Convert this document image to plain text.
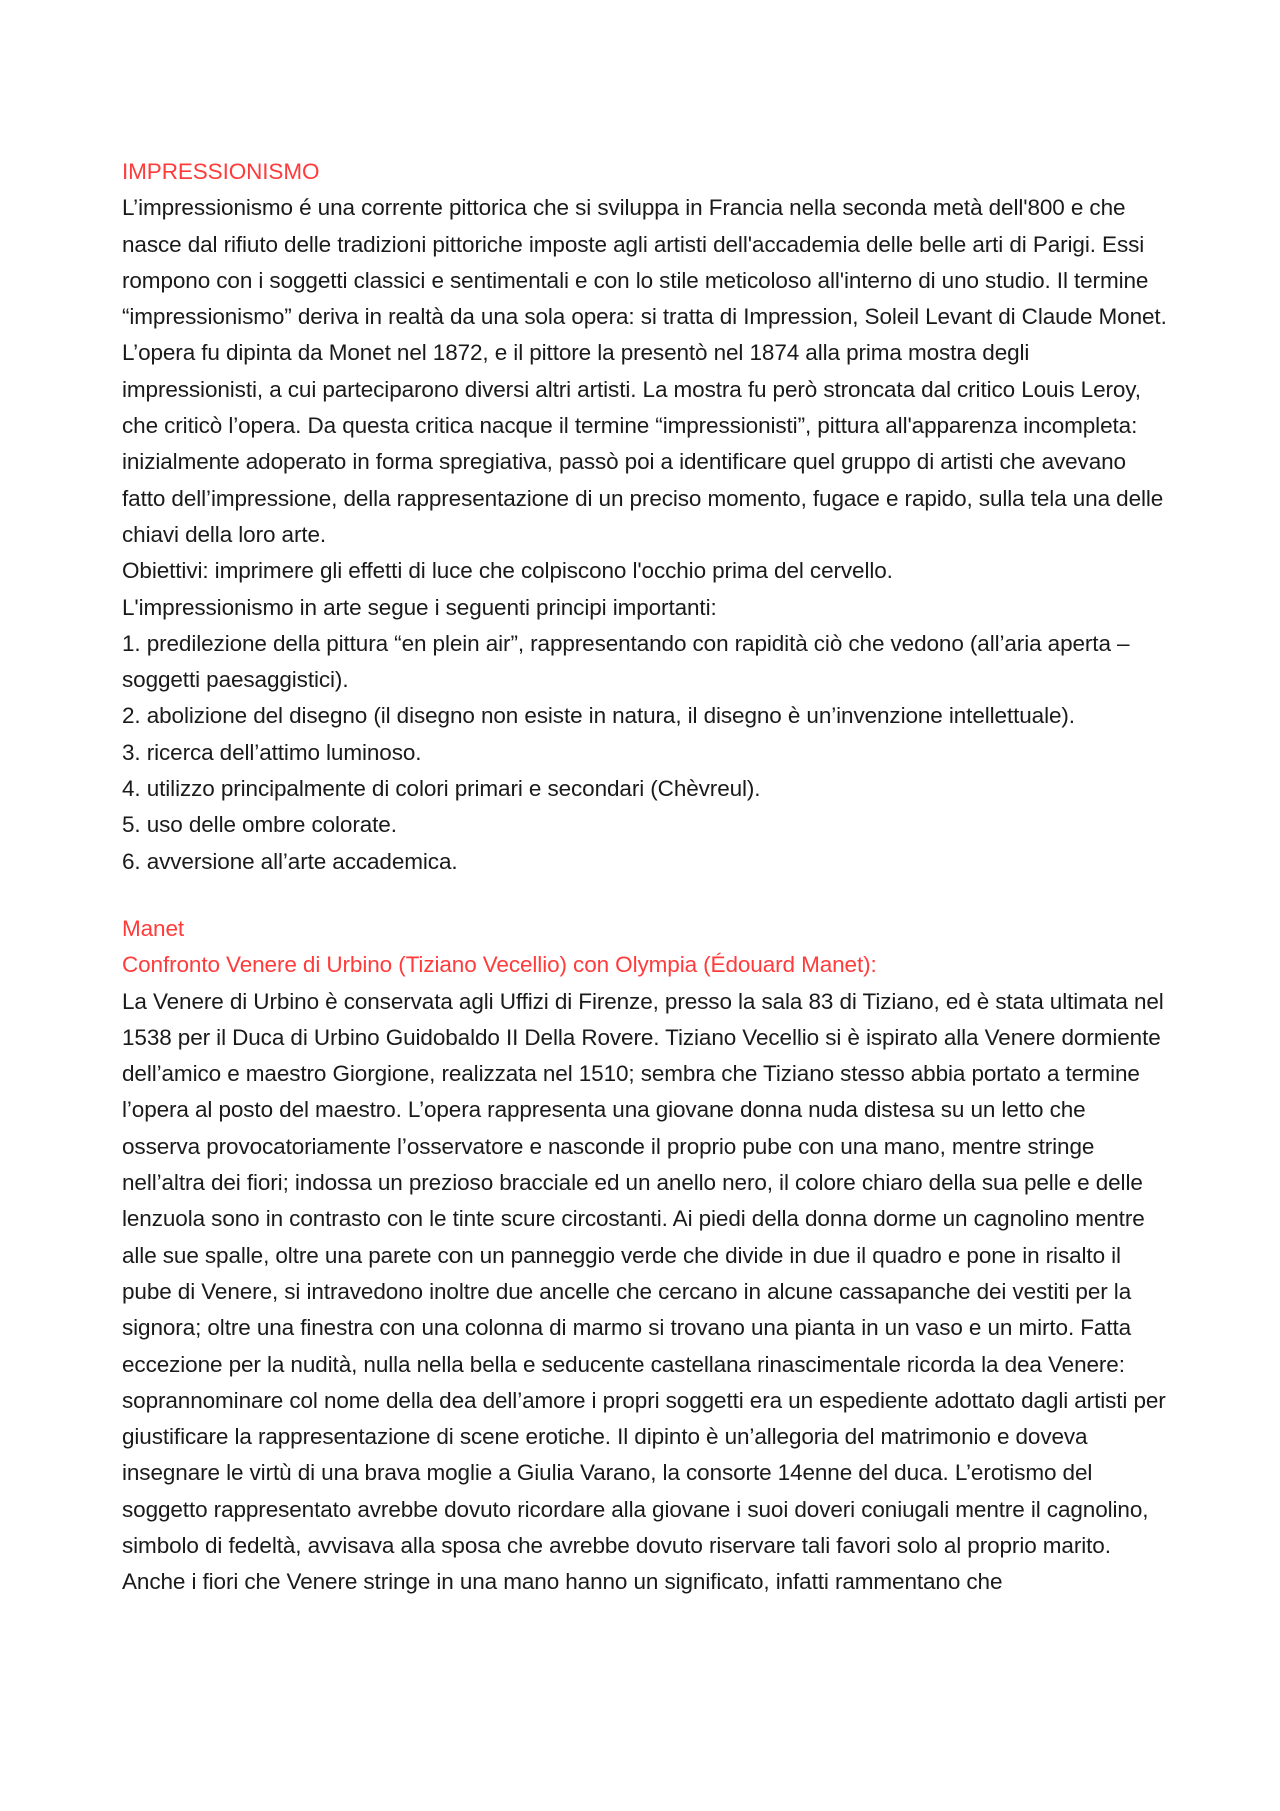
IMPRESSIONISMO

L’impressionismo é una corrente pittorica che si sviluppa in Francia nella seconda metà dell'800 e che nasce dal rifiuto delle tradizioni pittoriche imposte agli artisti dell'accademia delle belle arti di Parigi. Essi rompono con i soggetti classici e sentimentali e con lo stile meticoloso all'interno di uno studio. Il termine “impressionismo” deriva in realtà da una sola opera: si tratta di Impression, Soleil Levant di Claude Monet. L’opera fu dipinta da Monet nel 1872, e il pittore la presentò nel 1874 alla prima mostra degli impressionisti, a cui parteciparono diversi altri artisti. La mostra fu però stroncata dal critico Louis Leroy, che criticò l’opera. Da questa critica nacque il termine “impressionisti”, pittura all'apparenza incompleta: inizialmente adoperato in forma spregiativa, passò poi a identificare quel gruppo di artisti che avevano fatto dell’impressione, della rappresentazione di un preciso momento, fugace e rapido, sulla tela una delle chiavi della loro arte.

Obiettivi: imprimere gli effetti di luce che colpiscono l'occhio prima del cervello.

L'impressionismo in arte segue i seguenti principi importanti:

1. predilezione della pittura “en plein air”, rappresentando con rapidità ciò che vedono (all’aria aperta – soggetti paesaggistici).
2. abolizione del disegno (il disegno non esiste in natura, il disegno è un’invenzione intellettuale).
3. ricerca dell’attimo luminoso.
4. utilizzo principalmente di colori primari e secondari (Chèvreul).
5. uso delle ombre colorate.
6. avversione all’arte accademica.
Manet
Confronto Venere di Urbino (Tiziano Vecellio) con Olympia (Édouard Manet):

La Venere di Urbino è conservata agli Uffizi di Firenze, presso la sala 83 di Tiziano, ed è stata ultimata nel 1538 per il Duca di Urbino Guidobaldo II Della Rovere. Tiziano Vecellio si è ispirato alla Venere dormiente dell’amico e maestro Giorgione, realizzata nel 1510; sembra che Tiziano stesso abbia portato a termine l’opera al posto del maestro. L’opera rappresenta una giovane donna nuda distesa su un letto che osserva provocatoriamente l’osservatore e nasconde il proprio pube con una mano, mentre stringe nell’altra dei fiori; indossa un prezioso bracciale ed un anello nero, il colore chiaro della sua pelle e delle lenzuola sono in contrasto con le tinte scure circostanti. Ai piedi della donna dorme un cagnolino mentre alle sue spalle, oltre una parete con un panneggio verde che divide in due il quadro e pone in risalto il pube di Venere, si intravedono inoltre due ancelle che cercano in alcune cassapanche dei vestiti per la signora; oltre una finestra con una colonna di marmo si trovano una pianta in un vaso e un mirto. Fatta eccezione per la nudità, nulla nella bella e seducente castellana rinascimentale ricorda la dea Venere: soprannominare col nome della dea dell’amore i propri soggetti era un espediente adottato dagli artisti per giustificare la rappresentazione di scene erotiche. Il dipinto è un’allegoria del matrimonio e doveva insegnare le virtù di una brava moglie a Giulia Varano, la consorte 14enne del duca. L’erotismo del soggetto rappresentato avrebbe dovuto ricordare alla giovane i suoi doveri coniugali mentre il cagnolino, simbolo di fedeltà, avvisava alla sposa che avrebbe dovuto riservare tali favori solo al proprio marito. Anche i fiori che Venere stringe in una mano hanno un significato, infatti rammentano che
